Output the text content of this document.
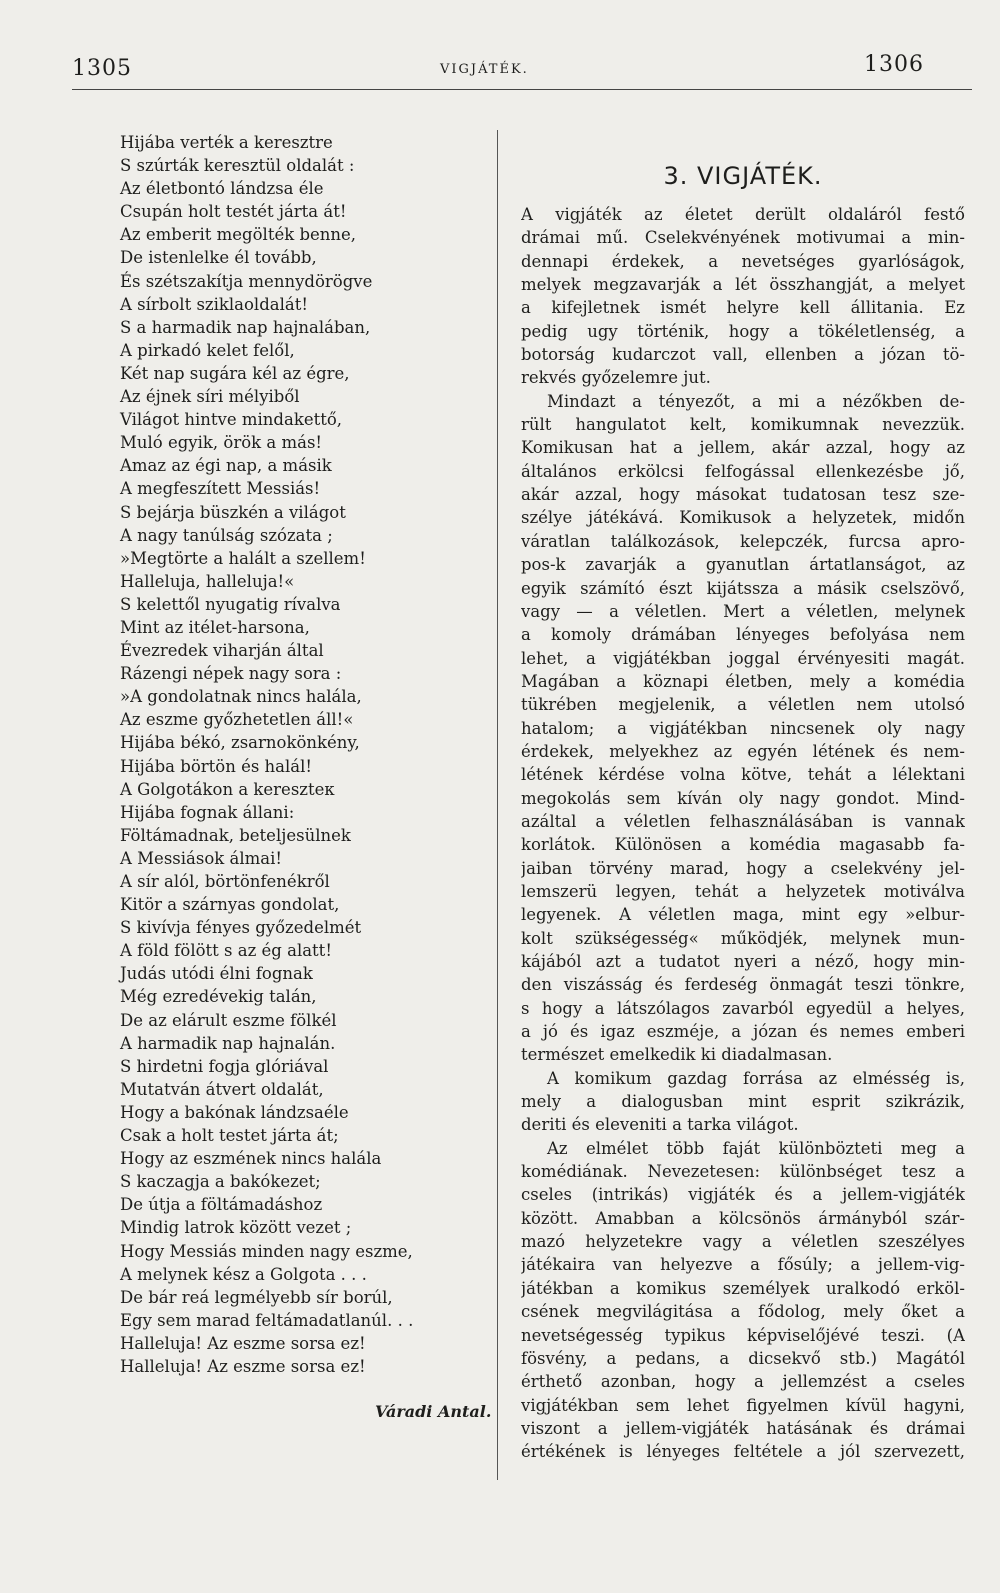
1305	VIGJÁTÉK.	1306
Hijába verték a keresztre
S szúrták keresztül oldalát :
Az életbontó lándzsa éle
Csupán holt testét járta át!
Az emberit megölték benne,
De istenlelke él tovább,
És szétszakítja mennydörögve
A sírbolt sziklaoldalát!
S a harmadik nap hajnalában,
A pirkadó kelet felől,
Két nap sugára kél az égre,
Az éjnek síri mélyiből
Világot hintve mindakettő,
Muló egyik, örök a más!
Amaz az égi nap, a másik
A megfeszített Messiás!
S bejárja büszkén a világot
A nagy tanúlság szózata ;
»Megtörte a halált a szellem!
Halleluja, halleluja!«
S kelettől nyugatig rívalva
Mint az itélet-harsona,
Évezredek viharján által
Rázengi népek nagy sora :
»A gondolatnak nincs halála,
Az eszme győzhetetlen áll!«
Hijába békó, zsarnokönkény,
Hijába börtön és halál!
A Golgotákon a kereszteк
Hijába fognak állani:
Föltámadnak, beteljesülnek
A Messiások álmai!
A sír alól, börtönfenékről
Kitör a szárnyas gondolat,
S kivívja fényes győzedelmét
A föld fölött s az ég alatt!
Judás utódi élni fognak
Még ezredévekig talán,
De az elárult eszme fölkél
A harmadik nap hajnalán.
S hirdetni fogja glóriával
Mutatván átvert oldalát,
Hogy a bakónak lándzsaéle
Csak a holt testet járta át;
Hogy az eszmének nincs halála
S kaczagja a bakókezet;
De útja a föltámadáshoz
Mindig latrok között vezet ;
Hogy Messiás minden nagy eszme,
A melynek kész a Golgota . . .
De bár reá legmélyebb sír borúl,
Egy sem marad feltámadatlanúl. . .
Halleluja! Az eszme sorsa ez!
Halleluja! Az eszme sorsa ez!
Váradi Antal.
3. VIGJÁTÉK.
A vigjáték az életet derült oldaláról festő
drámai mű. Cselekvényének motivumai a min-
dennapi érdekek, a nevetséges gyarlóságok,
melyek megzavarják a lét összhangját, a melyet
a kifejletnek ismét helyre kell állitania. Ez
pedig ugy történik, hogy a tökéletlenség, a
botorság kudarczot vall, ellenben a józan tö-
rekvés győzelemre jut.
Mindazt a tényezőt, a mi a nézőkben de-
rült hangulatot kelt, komikumnak nevezzük.
Komikusan hat a jellem, akár azzal, hogy az
általános erkölcsi felfogással ellenkezésbe jő,
akár azzal, hogy másokat tudatosan tesz sze-
szélye játékává. Komikusok a helyzetek, midőn
váratlan találkozások, kelepczék, furcsa apro-
pos-k zavarják a gyanutlan ártatlanságot, az
egyik számító észt kijátssza a másik cselszövő,
vagy — a véletlen. Mert a véletlen, melynek
a komoly drámában lényeges befolyása nem
lehet, a vigjátékban joggal érvényesiti magát.
Magában a köznapi életben, mely a komédia
tükrében megjelenik, a véletlen nem utolsó
hatalom; a vigjátékban nincsenek oly nagy
érdekek, melyekhez az egyén létének és nem-
létének kérdése volna kötve, tehát a lélektani
megokolás sem kíván oly nagy gondot. Mind-
azáltal a véletlen felhasználásában is vannak
korlátok. Különösen a komédia magasabb fa-
jaiban törvény marad, hogy a cselekvény jel-
lemszerü legyen, tehát a helyzetek motiválva
legyenek. A véletlen maga, mint egy »elbur-
kolt szükségesség« működjék, melynek mun-
kájából azt a tudatot nyeri a néző, hogy min-
den viszásság és ferdeség önmagát teszi tönkre,
s hogy a látszólagos zavarból egyedül a helyes,
a jó és igaz eszméje, a józan és nemes emberi
természet emelkedik ki diadalmasan.
A komikum gazdag forrása az elmésség is,
mely a dialogusban mint esprit szikrázik,
deriti és eleveniti a tarka világot.
Az elmélet több faját különbözteti meg a
komédiának. Nevezetesen: különbséget tesz a
cseles (intrikás) vigjáték és a jellem-vigjáték
között. Amabban a kölcsönös ármányból szár-
mazó helyzetekre vagy a véletlen szeszélyes
játékaira van helyezve a fősúly; a jellem-vig-
játékban a komikus személyek uralkodó erköl-
csének megvilágitása a fődolog, mely őket a
nevetségesség typikus képviselőjévé teszi. (A
fösvény, a pedans, a dicsekvő stb.) Magától
érthető azonban, hogy a jellemzést a cseles
vigjátékban sem lehet figyelmen kívül hagyni,
viszont a jellem-vigjáték hatásának és drámai
értékének is lényeges feltétele a jól szervezett,
